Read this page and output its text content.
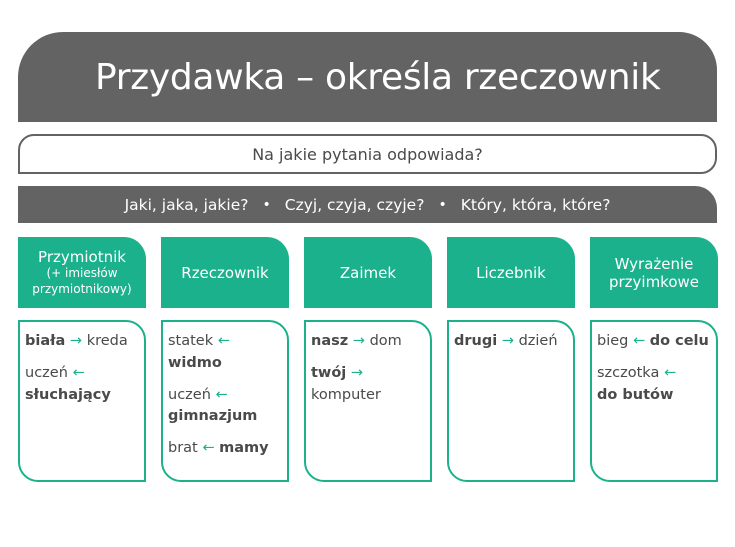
Przydawka – określa rzeczownik
Na jakie pytania odpowiada?
Jaki, jaka, jakie? • Czyj, czyja, czyje? • Który, która, które?
Przymiotnik
(+ imiesłów
przymiotnikowy)
biała → kreda
uczeń ←
słuchający
Rzeczownik
statek ←
widmo
uczeń ←
gimnazjum
brat ← mamy
Zaimek
nasz → dom
twój →
komputer
Liczebnik
drugi → dzień
Wyrażenie
przyimkowe
bieg ← do celu
szczotka ←
do butów
